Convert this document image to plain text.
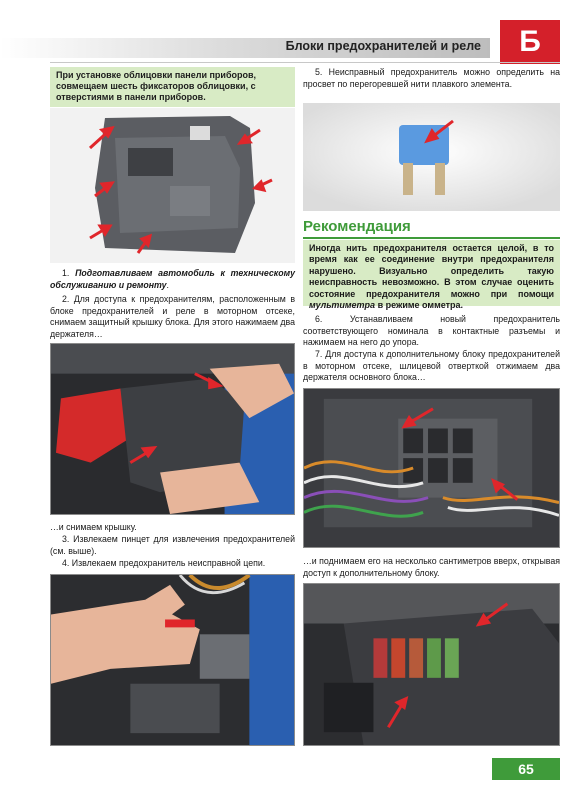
Блоки предохранителей и реле	Б
При установке облицовки панели приборов, совмещаем шесть фиксаторов облицовки, с отверстиями в панели приборов.
1. Подготавливаем автомобиль к техническому обслуживанию и ремонту.
2. Для доступа к предохранителям, расположенным в блоке предохранителей и реле в моторном отсеке, снимаем защитный крышку блока. Для этого нажимаем два держателя…
…и снимаем крышку.
3. Извлекаем пинцет для извлечения предохранителей (см. выше).
4. Извлекаем предохранитель неисправной цепи.
5. Неисправный предохранитель можно определить на просвет по перегоревшей нити плавкого элемента.
Рекомендация
Иногда нить предохранителя остается целой, в то время как ее соединение внутри предохранителя нарушено. Визуально определить такую неисправность невозможно. В этом случае оценить состояние предохранителя можно при помощи мультиметра в режиме омметра.
6. Устанавливаем новый предохранитель соответствующего номинала в контактные разъемы и нажимаем на него до упора.
7. Для доступа к дополнительному блоку предохранителей в моторном отсеке, шлицевой отверткой отжимаем два держателя основного блока…
…и поднимаем его на несколько сантиметров вверх, открывая доступ к дополнительному блоку.
65
